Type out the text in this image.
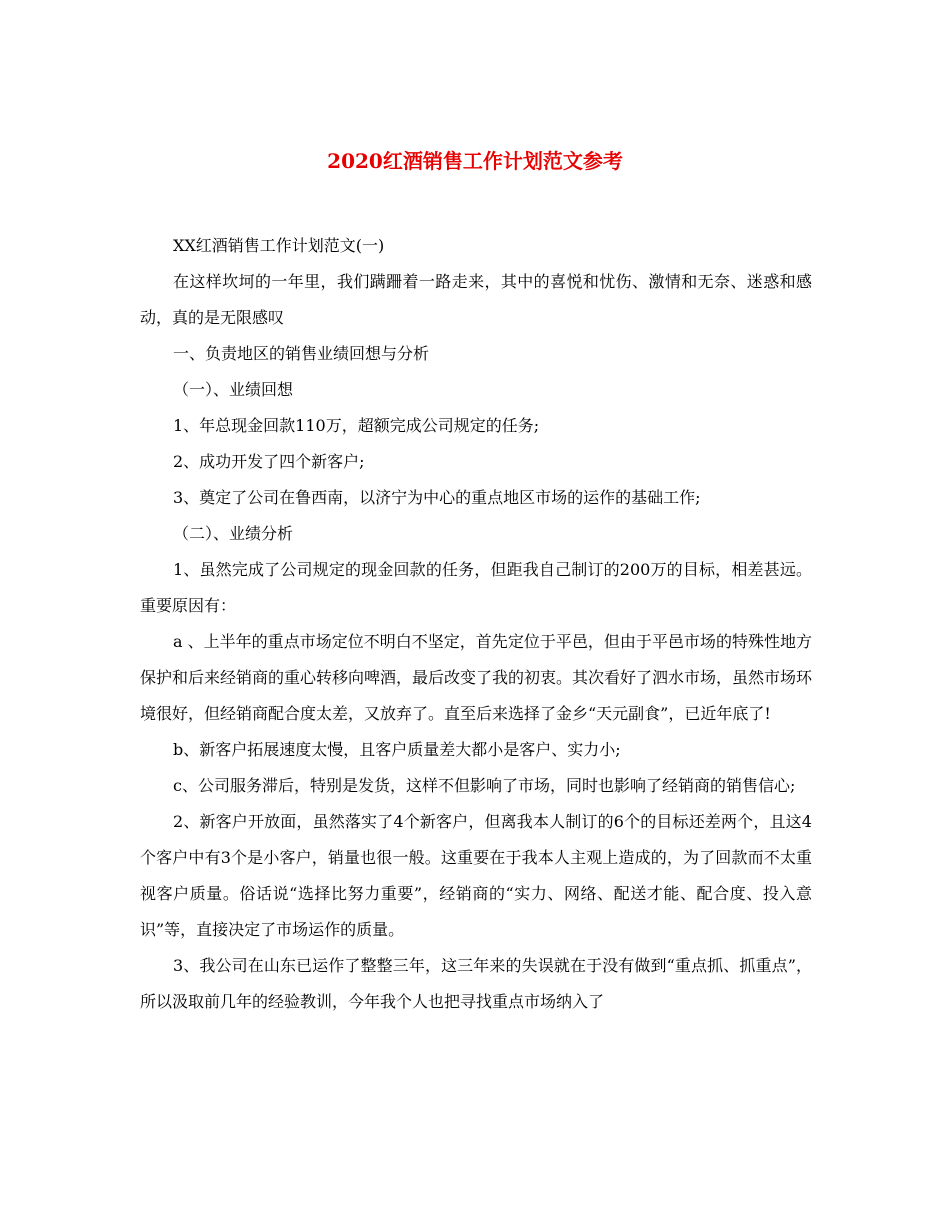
2020红酒销售工作计划范文参考

XX红酒销售工作计划范文(一)

在这样坎坷的一年里，我们蹒跚着一路走来，其中的喜悦和忧伤、激情和无奈、迷惑和感动，真的是无限感叹

一、负责地区的销售业绩回想与分析

（一）、业绩回想

1、年总现金回款110万，超额完成公司规定的任务;

2、成功开发了四个新客户;

3、奠定了公司在鲁西南，以济宁为中心的重点地区市场的运作的基础工作;

（二）、业绩分析

1、虽然完成了公司规定的现金回款的任务，但距我自己制订的200万的目标，相差甚远。重要原因有：

a 、上半年的重点市场定位不明白不坚定，首先定位于平邑，但由于平邑市场的特殊性地方保护和后来经销商的重心转移向啤酒，最后改变了我的初衷。其次看好了泗水市场，虽然市场环境很好，但经销商配合度太差，又放弃了。直至后来选择了金乡“天元副食”，已近年底了!

b、新客户拓展速度太慢，且客户质量差大都小是客户、实力小;

c、公司服务滞后，特别是发货，这样不但影响了市场，同时也影响了经销商的销售信心;

2、新客户开放面，虽然落实了4个新客户，但离我本人制订的6个的目标还差两个，且这4个客户中有3个是小客户，销量也很一般。这重要在于我本人主观上造成的，为了回款而不太重视客户质量。俗话说“选择比努力重要”，经销商的“实力、网络、配送才能、配合度、投入意识”等，直接决定了市场运作的质量。

3、我公司在山东已运作了整整三年，这三年来的失误就在于没有做到“重点抓、抓重点”，所以汲取前几年的经验教训，今年我个人也把寻找重点市场纳入了
